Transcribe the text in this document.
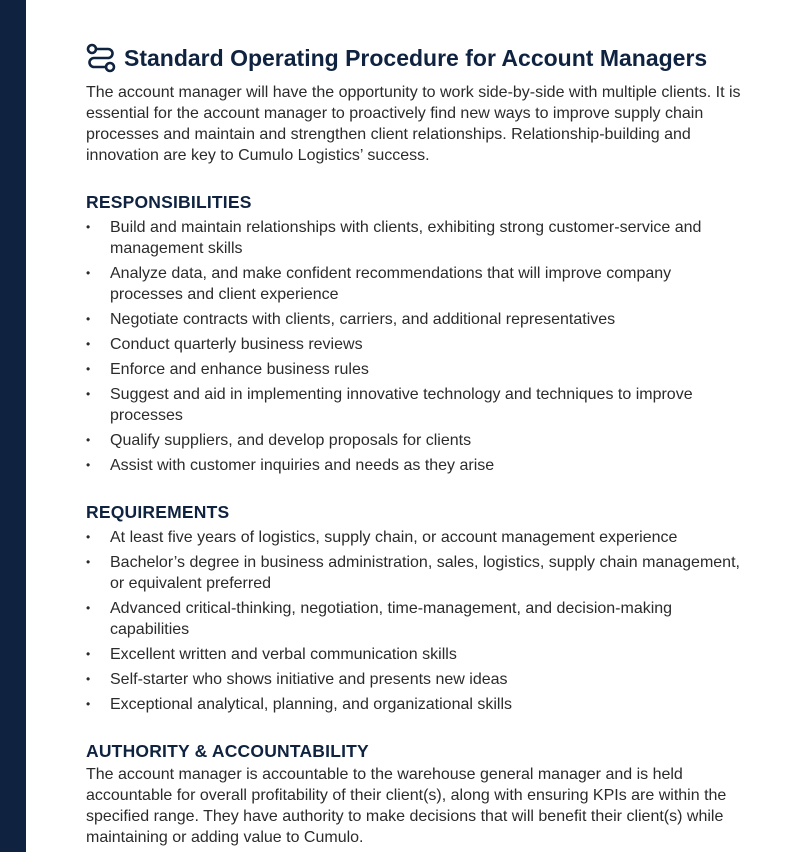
Standard Operating Procedure for Account Managers

The account manager will have the opportunity to work side-by-side with multiple clients. It is essential for the account manager to proactively find new ways to improve supply chain processes and maintain and strengthen client relationships. Relationship-building and innovation are key to Cumulo Logistics’ success.

RESPONSIBILITIES
•	Build and maintain relationships with clients, exhibiting strong customer-service and management skills
•	Analyze data, and make confident recommendations that will improve company processes and client experience
•	Negotiate contracts with clients, carriers, and additional representatives
•	Conduct quarterly business reviews
•	Enforce and enhance business rules
•	Suggest and aid in implementing innovative technology and techniques to improve processes
•	Qualify suppliers, and develop proposals for clients
•	Assist with customer inquiries and needs as they arise
REQUIREMENTS
•	At least five years of logistics, supply chain, or account management experience
•	Bachelor’s degree in business administration, sales, logistics, supply chain management, or equivalent preferred
•	Advanced critical-thinking, negotiation, time-management, and decision-making capabilities
•	Excellent written and verbal communication skills
•	Self-starter who shows initiative and presents new ideas
•	Exceptional analytical, planning, and organizational skills
AUTHORITY & ACCOUNTABILITY

The account manager is accountable to the warehouse general manager and is held accountable for overall profitability of their client(s), along with ensuring KPIs are within the specified range. They have authority to make decisions that will benefit their client(s) while maintaining or adding value to Cumulo.
